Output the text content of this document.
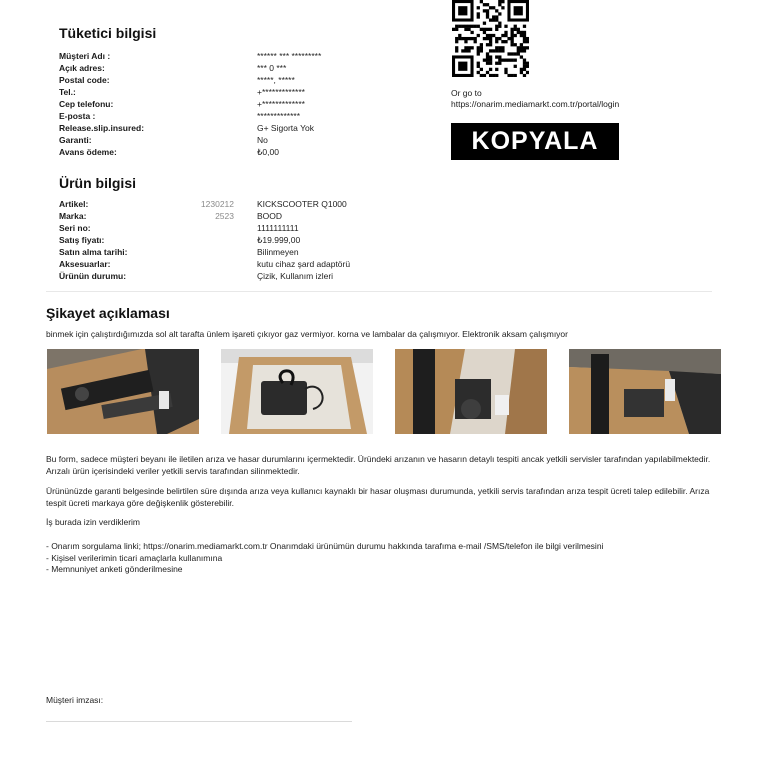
Tüketici bilgisi
Müşteri Adı :	****** *** *********
Açık adres:	*** 0 ***
Postal code:	*****, *****
Tel.:	+*************
Cep telefonu:	+*************
E-posta :	*************
Release.slip.insured:	G+ Sigorta Yok
Garanti:	No
Avans ödeme:	₺0,00
Or go to
https://onarim.mediamarkt.com.tr/portal/login
KOPYALA
Ürün bilgisi
Artikel:	1230212	KICKSCOOTER Q1000
Marka:	2523	BOOD
Seri no:	1111111111
Satış fiyatı:	₺19.999,00
Satın alma tarihi:	Bilinmeyen
Aksesuarlar:	kutu cihaz şard adaptörü
Ürünün durumu:	Çizik, Kullanım izleri
Şikayet açıklaması
binmek için çalıştırdığımızda sol alt tarafta ünlem işareti çıkıyor gaz vermiyor. korna ve lambalar da çalışmıyor. Elektronik aksam çalışmıyor
Bu form, sadece müşteri beyanı ile iletilen arıza ve hasar durumlarını içermektedir. Üründeki arızanın ve hasarın detaylı tespiti ancak yetkili servisler tarafından yapılabilmektedir. Arızalı ürün içerisindeki veriler yetkili servis tarafından silinmektedir.
Ürününüzde garanti belgesinde belirtilen süre dışında arıza veya kullanıcı kaynaklı bir hasar oluşması durumunda, yetkili servis tarafından arıza tespit ücreti talep edilebilir. Arıza tespit ücreti markaya göre değişkenlik gösterebilir.
İş burada izin verdiklerim
- Onarım sorgulama linki; https://onarim.mediamarkt.com.tr Onarımdaki ürünümün durumu hakkında tarafıma e-mail /SMS/telefon ile bilgi verilmesini
- Kişisel verilerimin ticari amaçlarla kullanımına
- Memnuniyet anketi gönderilmesine
Müşteri imzası:
